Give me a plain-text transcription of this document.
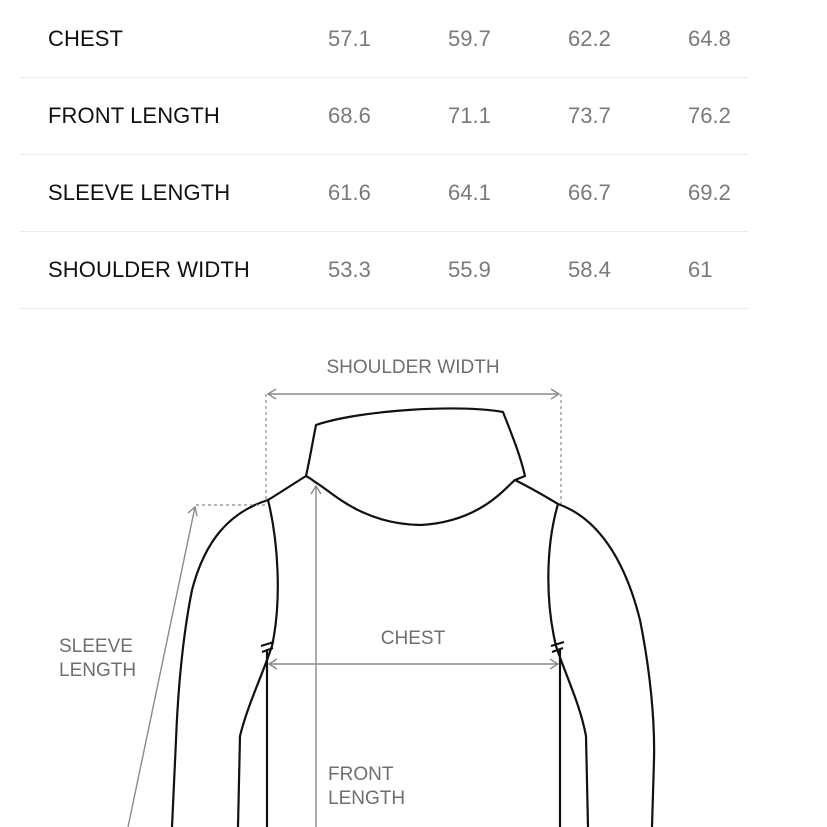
CHEST	57.1	59.7	62.2	64.8
FRONT LENGTH	68.6	71.1	73.7	76.2
SLEEVE LENGTH	61.6	64.1	66.7	69.2
SHOULDER WIDTH	53.3	55.9	58.4	61
SHOULDER WIDTH
CHEST
SLEEVE
LENGTH
FRONT
LENGTH
